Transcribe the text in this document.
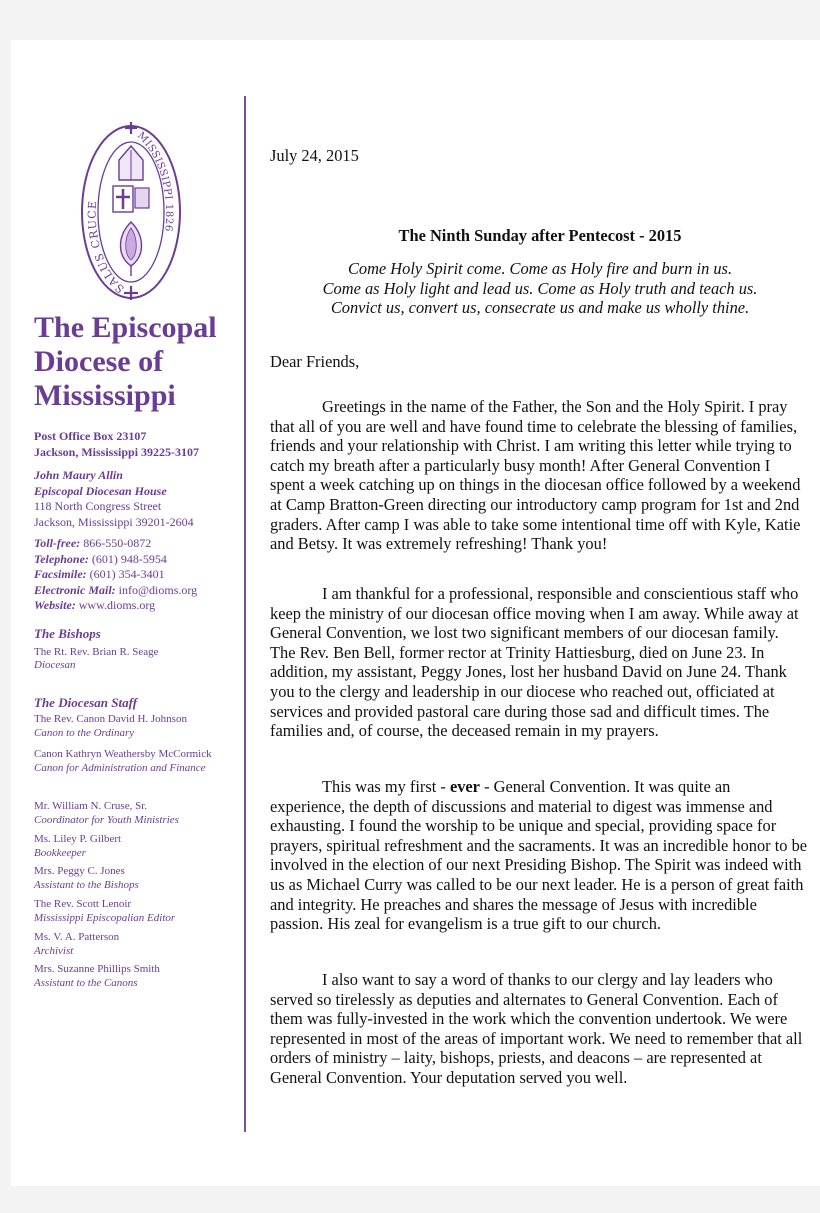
SALUS CRUCE
MISSISSIPPI 1826
The Episcopal
Diocese of
Mississippi
Post Office Box 23107
Jackson, Mississippi 39225-3107
John Maury Allin
Episcopal Diocesan House
118 North Congress Street
Jackson, Mississippi 39201-2604
Toll-free: 866-550-0872
Telephone: (601) 948-5954
Facsimile: (601) 354-3401
Electronic Mail: info@dioms.org
Website: www.dioms.org
The Bishops
The Rt. Rev. Brian R. Seage
Diocesan
The Diocesan Staff
The Rev. Canon David H. Johnson
Canon to the Ordinary
Canon Kathryn Weathersby McCormick
Canon for Administration and Finance
Mr. William N. Cruse, Sr.
Coordinator for Youth Ministries
Ms. Liley P. Gilbert
Bookkeeper
Mrs. Peggy C. Jones
Assistant to the Bishops
The Rev. Scott Lenoir
Mississippi Episcopalian Editor
Ms. V. A. Patterson
Archivist
Mrs. Suzanne Phillips Smith
Assistant to the Canons
July 24, 2015
The Ninth Sunday after Pentecost - 2015
Come Holy Spirit come. Come as Holy fire and burn in us.
Come as Holy light and lead us. Come as Holy truth and teach us.
Convict us, convert us, consecrate us and make us wholly thine.
Dear Friends,
Greetings in the name of the Father, the Son and the Holy Spirit. I pray that all of you are well and have found time to celebrate the blessing of families, friends and your relationship with Christ. I am writing this letter while trying to catch my breath after a particularly busy month! After General Convention I spent a week catching up on things in the diocesan office followed by a weekend at Camp Bratton-Green directing our introductory camp program for 1st and 2nd graders. After camp I was able to take some intentional time off with Kyle, Katie and Betsy. It was extremely refreshing! Thank you!
I am thankful for a professional, responsible and conscientious staff who keep the ministry of our diocesan office moving when I am away. While away at General Convention, we lost two significant members of our diocesan family. The Rev. Ben Bell, former rector at Trinity Hattiesburg, died on June 23. In addition, my assistant, Peggy Jones, lost her husband David on June 24. Thank you to the clergy and leadership in our diocese who reached out, officiated at services and provided pastoral care during those sad and difficult times. The families and, of course, the deceased remain in my prayers.
This was my first - ever - General Convention. It was quite an experience, the depth of discussions and material to digest was immense and exhausting. I found the worship to be unique and special, providing space for prayers, spiritual refreshment and the sacraments. It was an incredible honor to be involved in the election of our next Presiding Bishop. The Spirit was indeed with us as Michael Curry was called to be our next leader. He is a person of great faith and integrity. He preaches and shares the message of Jesus with incredible passion. His zeal for evangelism is a true gift to our church.
I also want to say a word of thanks to our clergy and lay leaders who served so tirelessly as deputies and alternates to General Convention. Each of them was fully-invested in the work which the convention undertook. We were represented in most of the areas of important work. We need to remember that all orders of ministry – laity, bishops, priests, and deacons – are represented at General Convention. Your deputation served you well.
